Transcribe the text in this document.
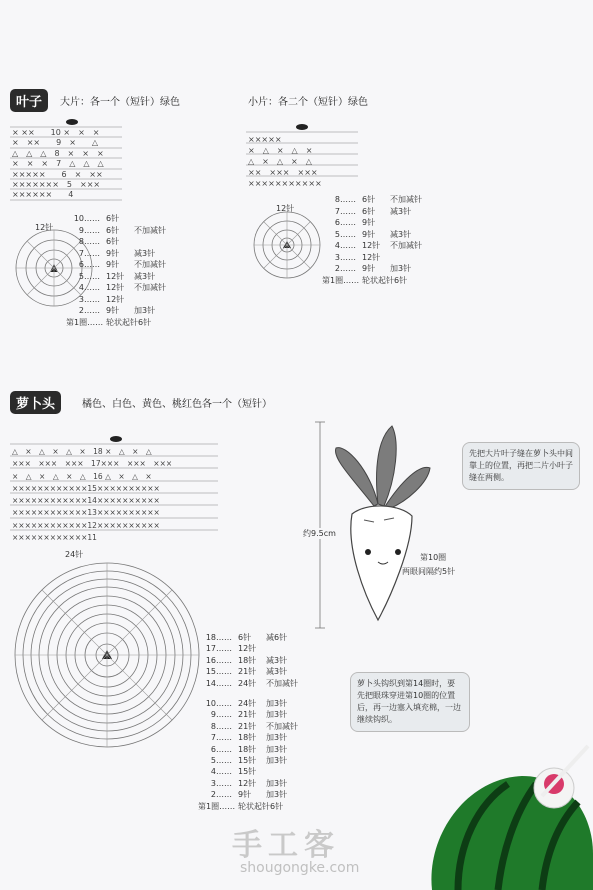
叶子	大片：各一个（短针）绿色	小片：各二个（短针）绿色
× ××　　10 ×　×　×
×　××　　9　×　　△
△　△　△　8　×　×　×
×　×　×　7　△　△　△
×××××　　6　×　××
×××××××　5　×××
××××××　　4
12针
10…… 6针
9…… 6针 不加减针
8…… 6针
7…… 9针 减3针
6…… 9针 不加减针
5…… 12针 减3针
4…… 12针 不加减针
3…… 12针
2…… 9针 加3针
第1圈…… 轮状起针6针
×××××　　　
×　△　×　△　×
△　×　△　×　△
××　×××　×××
×××××××××××
12针
8…… 6针 不加减针
7…… 6针 减3针
6…… 9针
5…… 9针 减3针
4…… 12针 不加减针
3…… 12针
2…… 9针 加3针
第1圈…… 轮状起针6针
萝卜头	橘色、白色、黄色、桃红色各一个（短针）
△　×　△　×　△　×　18 ×　△　×　△
×××　×××　×××　17×××　×××　×××
×　△　×　△　×　△　16 △　×　△　×
××××××××××××15××××××××××
××××××××××××14××××××××××
××××××××××××13××××××××××
××××××××××××12××××××××××
××××××××××××11
24针
18…… 6针 减6针
17…… 12针
16…… 18针 减3针
15…… 21针 减3针
14…… 24针 不加减针
10…… 24针 加3针
9…… 21针 加3针
8…… 21针 不加减针
7…… 18针 加3针
6…… 18针 加3针
5…… 15针 加3针
4…… 15针
3…… 12针 加3针
2…… 9针 加3针
第1圈…… 轮状起针6针
约9.5cm
第10圈
两眼间隔约5针
先把大片叶子缝在萝卜头中间靠上的位置，再把二片小叶子缝在两侧。
萝卜头钩织到第14圈时，要先把眼珠穿进第10圈的位置后，再一边塞入填充棉，一边继续钩织。
手工客
shougongke.com
